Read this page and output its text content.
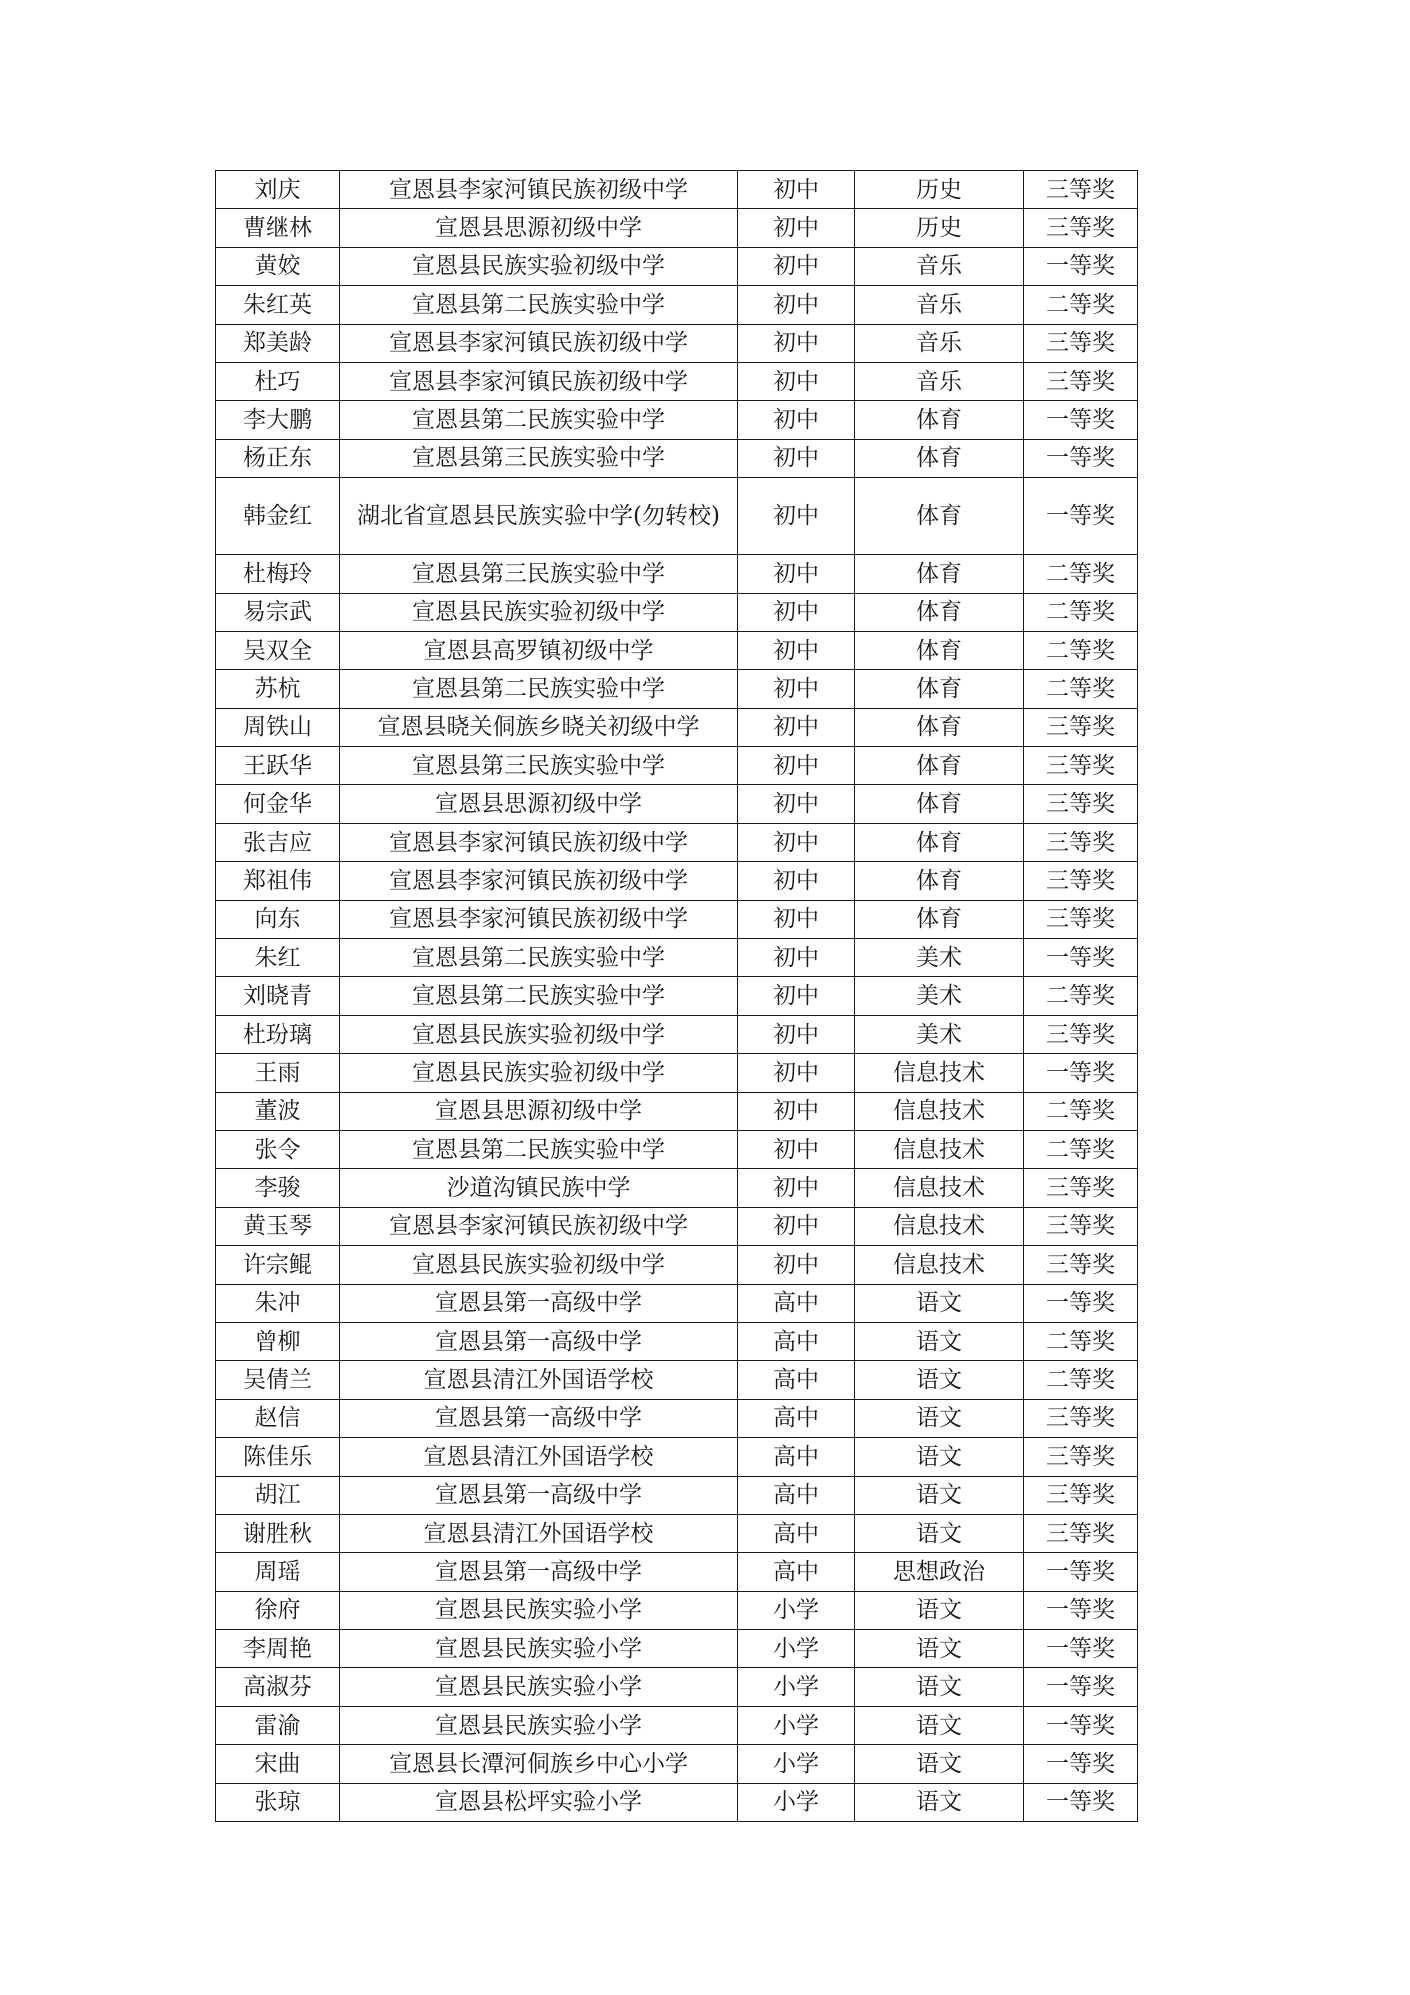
刘庆	宣恩县李家河镇民族初级中学	初中	历史	三等奖
曹继林	宣恩县思源初级中学	初中	历史	三等奖
黄姣	宣恩县民族实验初级中学	初中	音乐	一等奖
朱红英	宣恩县第二民族实验中学	初中	音乐	二等奖
郑美龄	宣恩县李家河镇民族初级中学	初中	音乐	三等奖
杜巧	宣恩县李家河镇民族初级中学	初中	音乐	三等奖
李大鹏	宣恩县第二民族实验中学	初中	体育	一等奖
杨正东	宣恩县第三民族实验中学	初中	体育	一等奖
韩金红	湖北省宣恩县民族实验中学(勿转校)	初中	体育	一等奖
杜梅玲	宣恩县第三民族实验中学	初中	体育	二等奖
易宗武	宣恩县民族实验初级中学	初中	体育	二等奖
吴双全	宣恩县高罗镇初级中学	初中	体育	二等奖
苏杭	宣恩县第二民族实验中学	初中	体育	二等奖
周铁山	宣恩县晓关侗族乡晓关初级中学	初中	体育	三等奖
王跃华	宣恩县第三民族实验中学	初中	体育	三等奖
何金华	宣恩县思源初级中学	初中	体育	三等奖
张吉应	宣恩县李家河镇民族初级中学	初中	体育	三等奖
郑祖伟	宣恩县李家河镇民族初级中学	初中	体育	三等奖
向东	宣恩县李家河镇民族初级中学	初中	体育	三等奖
朱红	宣恩县第二民族实验中学	初中	美术	一等奖
刘晓青	宣恩县第二民族实验中学	初中	美术	二等奖
杜玢璃	宣恩县民族实验初级中学	初中	美术	三等奖
王雨	宣恩县民族实验初级中学	初中	信息技术	一等奖
董波	宣恩县思源初级中学	初中	信息技术	二等奖
张令	宣恩县第二民族实验中学	初中	信息技术	二等奖
李骏	沙道沟镇民族中学	初中	信息技术	三等奖
黄玉琴	宣恩县李家河镇民族初级中学	初中	信息技术	三等奖
许宗鲲	宣恩县民族实验初级中学	初中	信息技术	三等奖
朱冲	宣恩县第一高级中学	高中	语文	一等奖
曾柳	宣恩县第一高级中学	高中	语文	二等奖
吴倩兰	宣恩县清江外国语学校	高中	语文	二等奖
赵信	宣恩县第一高级中学	高中	语文	三等奖
陈佳乐	宣恩县清江外国语学校	高中	语文	三等奖
胡江	宣恩县第一高级中学	高中	语文	三等奖
谢胜秋	宣恩县清江外国语学校	高中	语文	三等奖
周瑶	宣恩县第一高级中学	高中	思想政治	一等奖
徐府	宣恩县民族实验小学	小学	语文	一等奖
李周艳	宣恩县民族实验小学	小学	语文	一等奖
高淑芬	宣恩县民族实验小学	小学	语文	一等奖
雷渝	宣恩县民族实验小学	小学	语文	一等奖
宋曲	宣恩县长潭河侗族乡中心小学	小学	语文	一等奖
张琼	宣恩县松坪实验小学	小学	语文	一等奖
